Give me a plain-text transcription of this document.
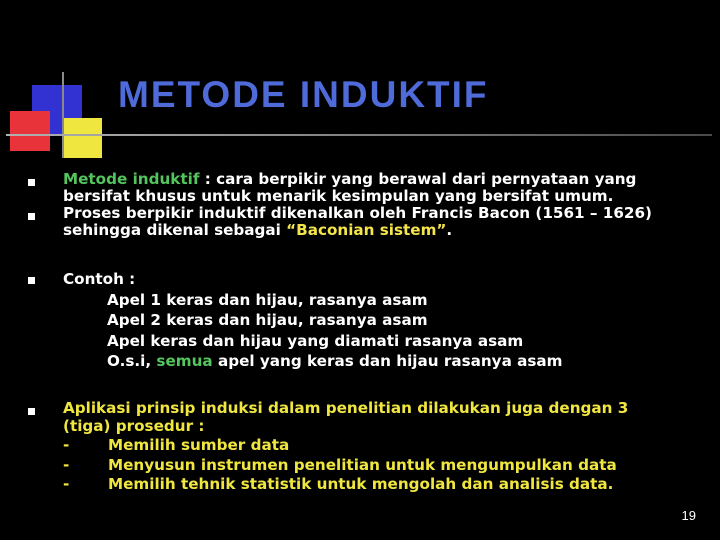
METODE INDUKTIF
Metode induktif : cara berpikir yang berawal dari pernyataan yang
bersifat khusus untuk menarik kesimpulan yang bersifat umum.
Proses berpikir induktif dikenalkan oleh Francis Bacon (1561 – 1626)
sehingga dikenal sebagai “Baconian sistem”.
Contoh :
Apel 1 keras dan hijau, rasanya asam
Apel 2 keras dan hijau, rasanya asam
Apel keras dan hijau yang diamati rasanya asam
O.s.i, semua apel yang keras dan hijau rasanya asam
Aplikasi prinsip induksi dalam penelitian dilakukan juga dengan 3
(tiga) prosedur :
-	Memilih sumber data
-	Menyusun instrumen penelitian untuk mengumpulkan data
-	Memilih tehnik statistik untuk mengolah dan analisis data.
19
